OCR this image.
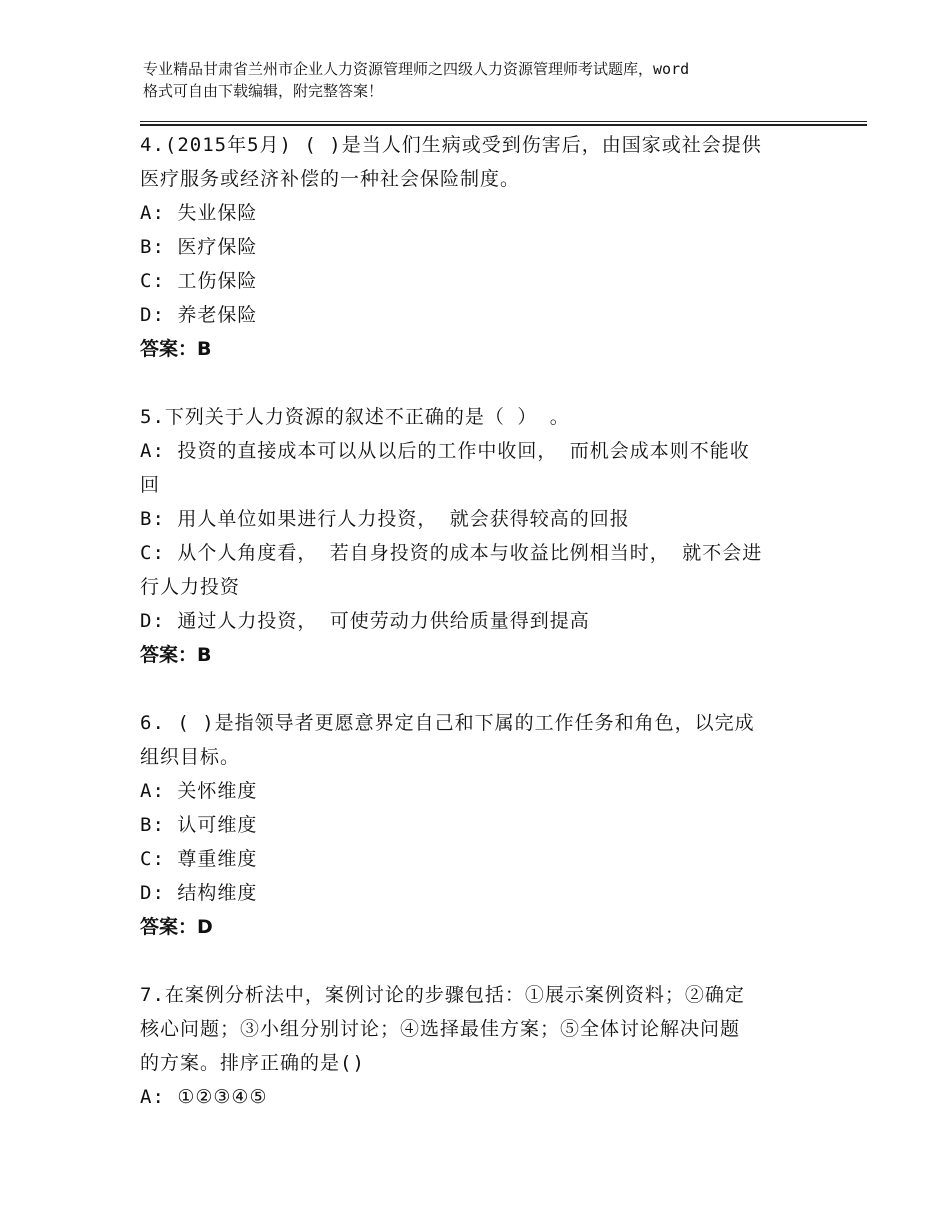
专业精品甘肃省兰州市企业人力资源管理师之四级人力资源管理师考试题库，word
格式可自由下载编辑，附完整答案！
4.(2015年5月) ( )是当人们生病或受到伤害后，由国家或社会提供
医疗服务或经济补偿的一种社会保险制度。
A: 失业保险
B: 医疗保险
C: 工伤保险
D: 养老保险
答案：B
5.下列关于人力资源的叙述不正确的是（ ） 。
A: 投资的直接成本可以从以后的工作中收回， 而机会成本则不能收
回
B: 用人单位如果进行人力投资， 就会获得较高的回报
C: 从个人角度看， 若自身投资的成本与收益比例相当时， 就不会进
行人力投资
D: 通过人力投资， 可使劳动力供给质量得到提高
答案：B
6. ( )是指领导者更愿意界定自己和下属的工作任务和角色，以完成
组织目标。
A: 关怀维度
B: 认可维度
C: 尊重维度
D: 结构维度
答案：D
7.在案例分析法中，案例讨论的步骤包括：①展示案例资料；②确定
核心问题；③小组分别讨论；④选择最佳方案；⑤全体讨论解决问题
的方案。排序正确的是()
A: ①②③④⑤
